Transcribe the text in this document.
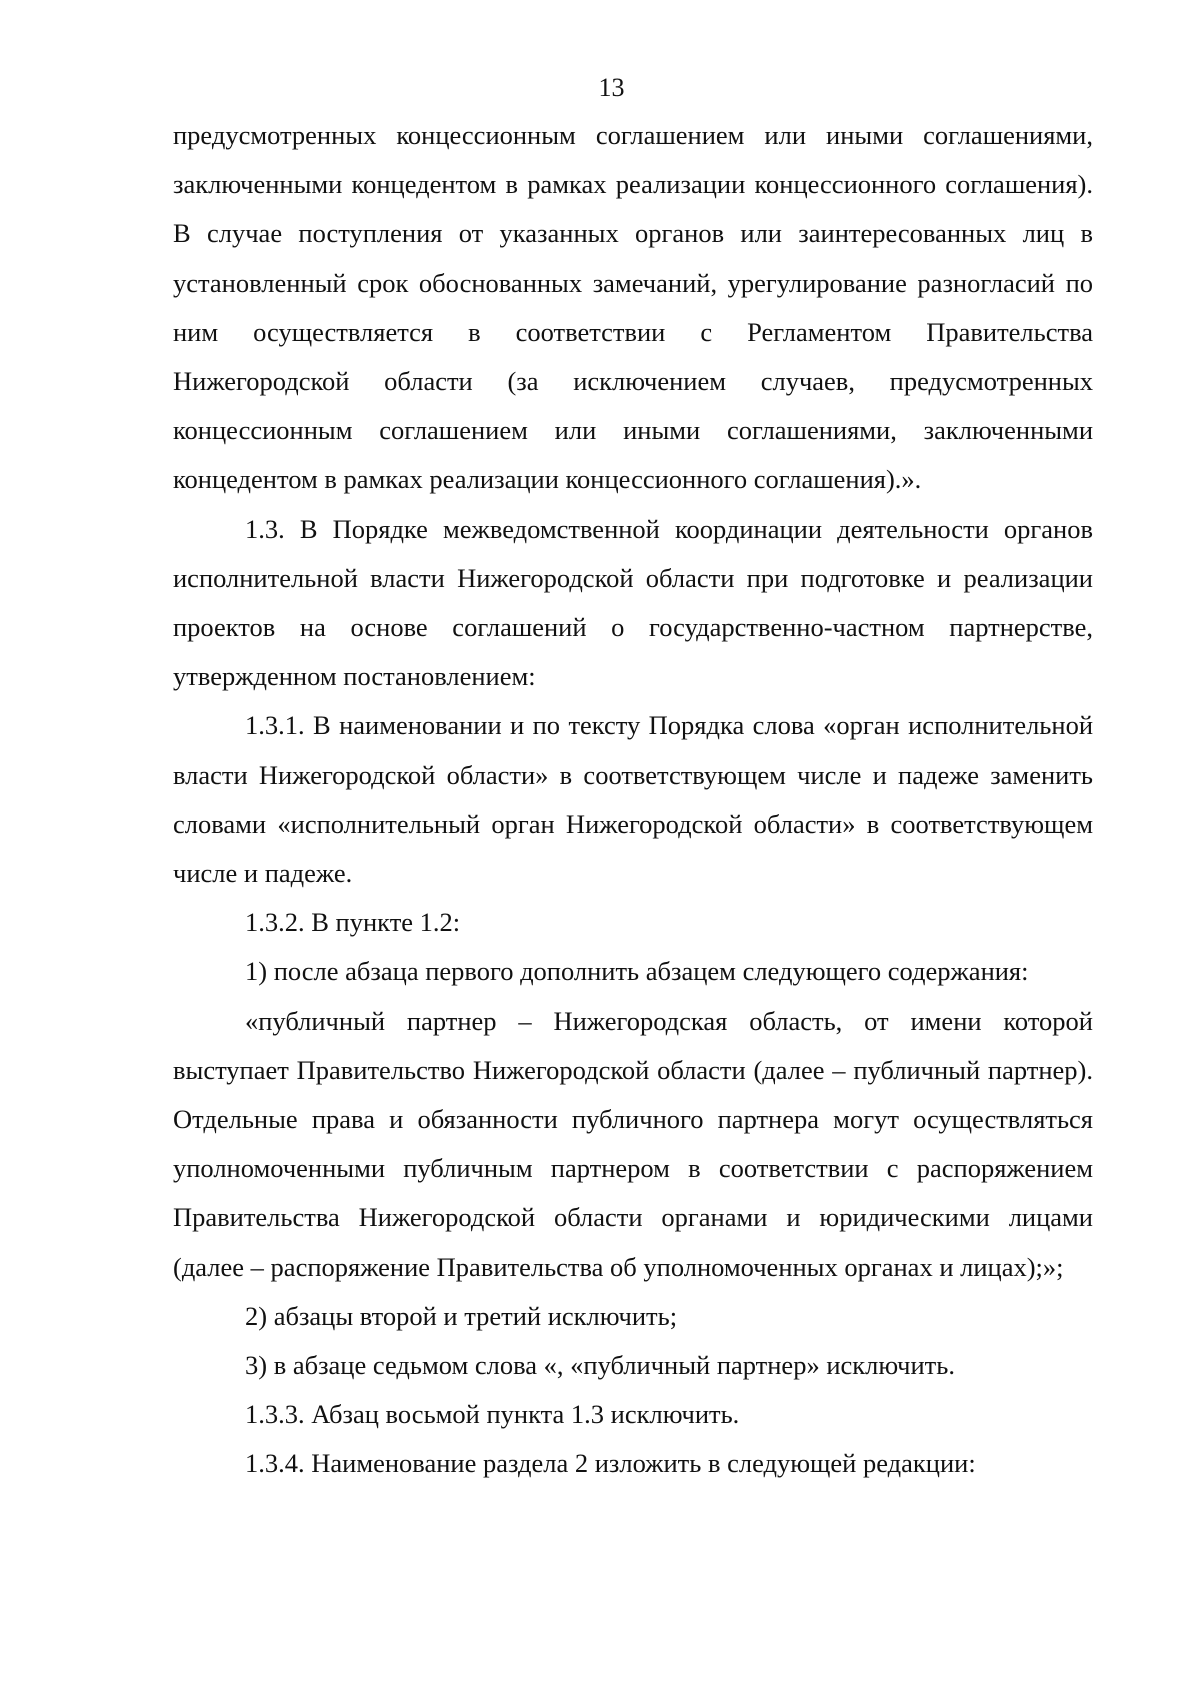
13

предусмотренных концессионным соглашением или иными соглашениями, заключенными концедентом в рамках реализации концессионного соглашения). В случае поступления от указанных органов или заинтересованных лиц в установленный срок обоснованных замечаний, урегулирование разногласий по ним осуществляется в соответствии с Регламентом Правительства Нижегородской области (за исключением случаев, предусмотренных концессионным соглашением или иными соглашениями, заключенными концедентом в рамках реализации концессионного соглашения).».

1.3. В Порядке межведомственной координации деятельности органов исполнительной власти Нижегородской области при подготовке и реализации проектов на основе соглашений о государственно-частном партнерстве, утвержденном постановлением:

1.3.1. В наименовании и по тексту Порядка слова «орган исполнительной власти Нижегородской области» в соответствующем числе и падеже заменить словами «исполнительный орган Нижегородской области» в соответствующем числе и падеже.

1.3.2. В пункте 1.2:

1) после абзаца первого дополнить абзацем следующего содержания:

«публичный партнер – Нижегородская область, от имени которой выступает Правительство Нижегородской области (далее – публичный партнер). Отдельные права и обязанности публичного партнера могут осуществляться уполномоченными публичным партнером в соответствии с распоряжением Правительства Нижегородской области органами и юридическими лицами (далее – распоряжение Правительства об уполномоченных органах и лицах);»;

2) абзацы второй и третий исключить;

3) в абзаце седьмом слова «, «публичный партнер» исключить.

1.3.3. Абзац восьмой пункта 1.3 исключить.

1.3.4. Наименование раздела 2 изложить в следующей редакции:
